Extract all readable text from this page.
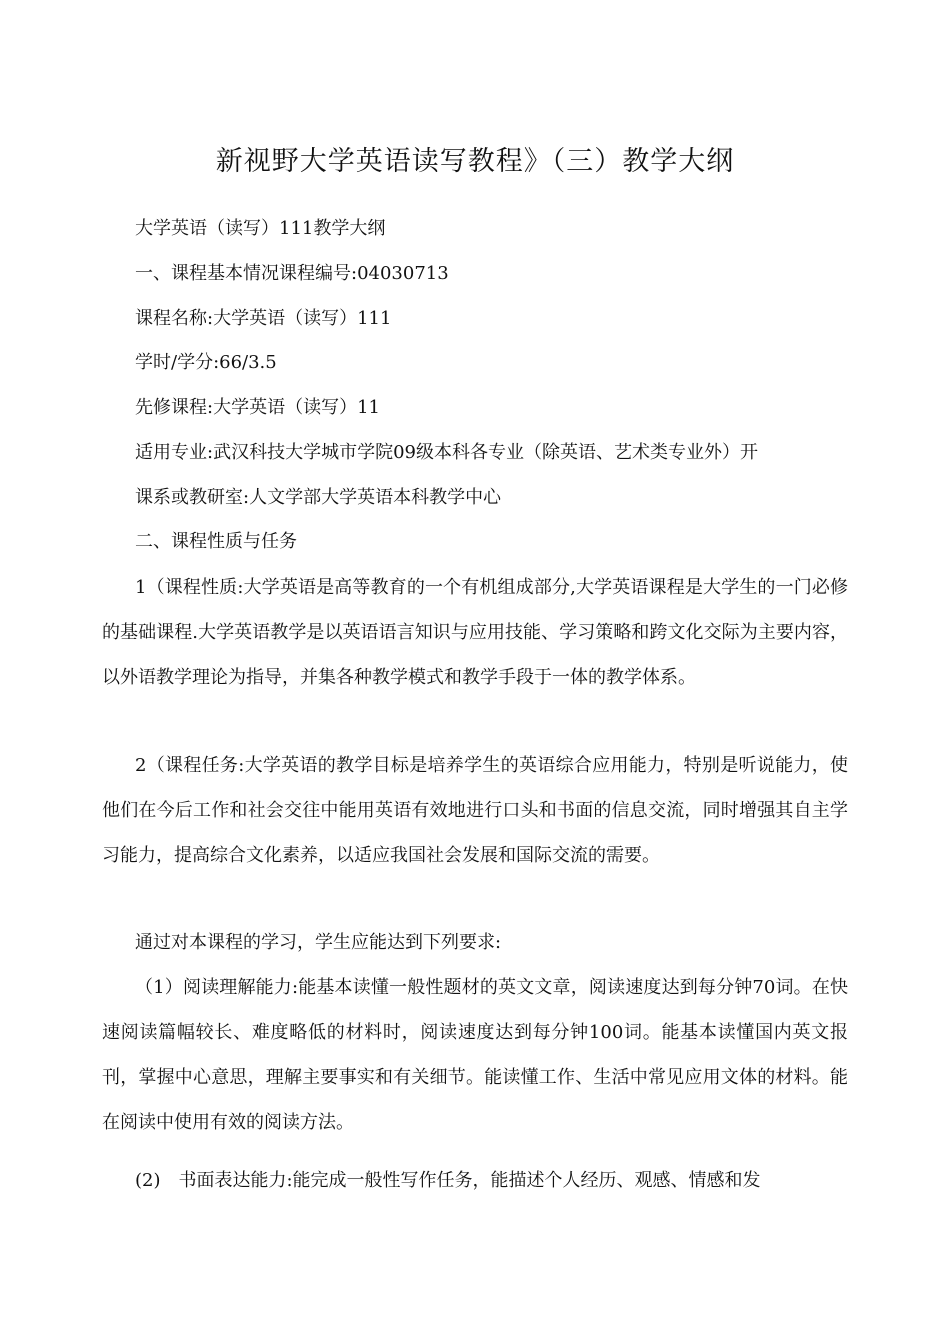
新视野大学英语读写教程》（三）教学大纲
大学英语（读写）111教学大纲
一、课程基本情况课程编号:04030713
课程名称:大学英语（读写）111
学时/学分:66/3.5
先修课程:大学英语（读写）11
适用专业:武汉科技大学城市学院09级本科各专业（除英语、艺术类专业外）开
课系或教研室:人文学部大学英语本科教学中心
二、课程性质与任务

1（课程性质:大学英语是高等教育的一个有机组成部分,大学英语课程是大学生的一门必修的基础课程.大学英语教学是以英语语言知识与应用技能、学习策略和跨文化交际为主要内容，以外语教学理论为指导，并集各种教学模式和教学手段于一体的教学体系。

2（课程任务:大学英语的教学目标是培养学生的英语综合应用能力，特别是听说能力，使他们在今后工作和社会交往中能用英语有效地进行口头和书面的信息交流，同时增强其自主学习能力，提高综合文化素养，以适应我国社会发展和国际交流的需要。

通过对本课程的学习，学生应能达到下列要求:

（1）阅读理解能力:能基本读懂一般性题材的英文文章，阅读速度达到每分钟70词。在快速阅读篇幅较长、难度略低的材料时，阅读速度达到每分钟100词。能基本读懂国内英文报刊，掌握中心意思，理解主要事实和有关细节。能读懂工作、生活中常见应用文体的材料。能在阅读中使用有效的阅读方法。

(2)　书面表达能力:能完成一般性写作任务，能描述个人经历、观感、情感和发
